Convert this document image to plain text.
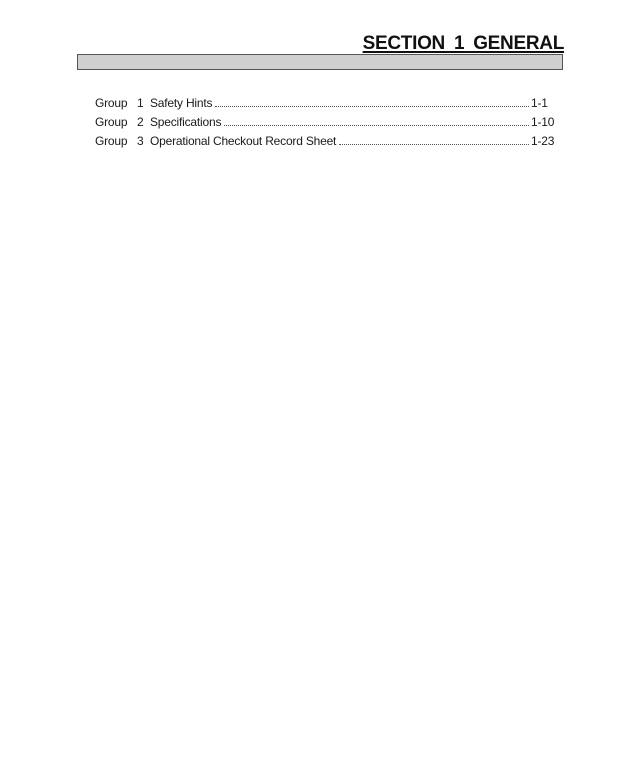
SECTION 1 GENERAL
Group 1 Safety Hints	1-1
Group 2 Specifications	1-10
Group 3 Operational Checkout Record Sheet	1-23
